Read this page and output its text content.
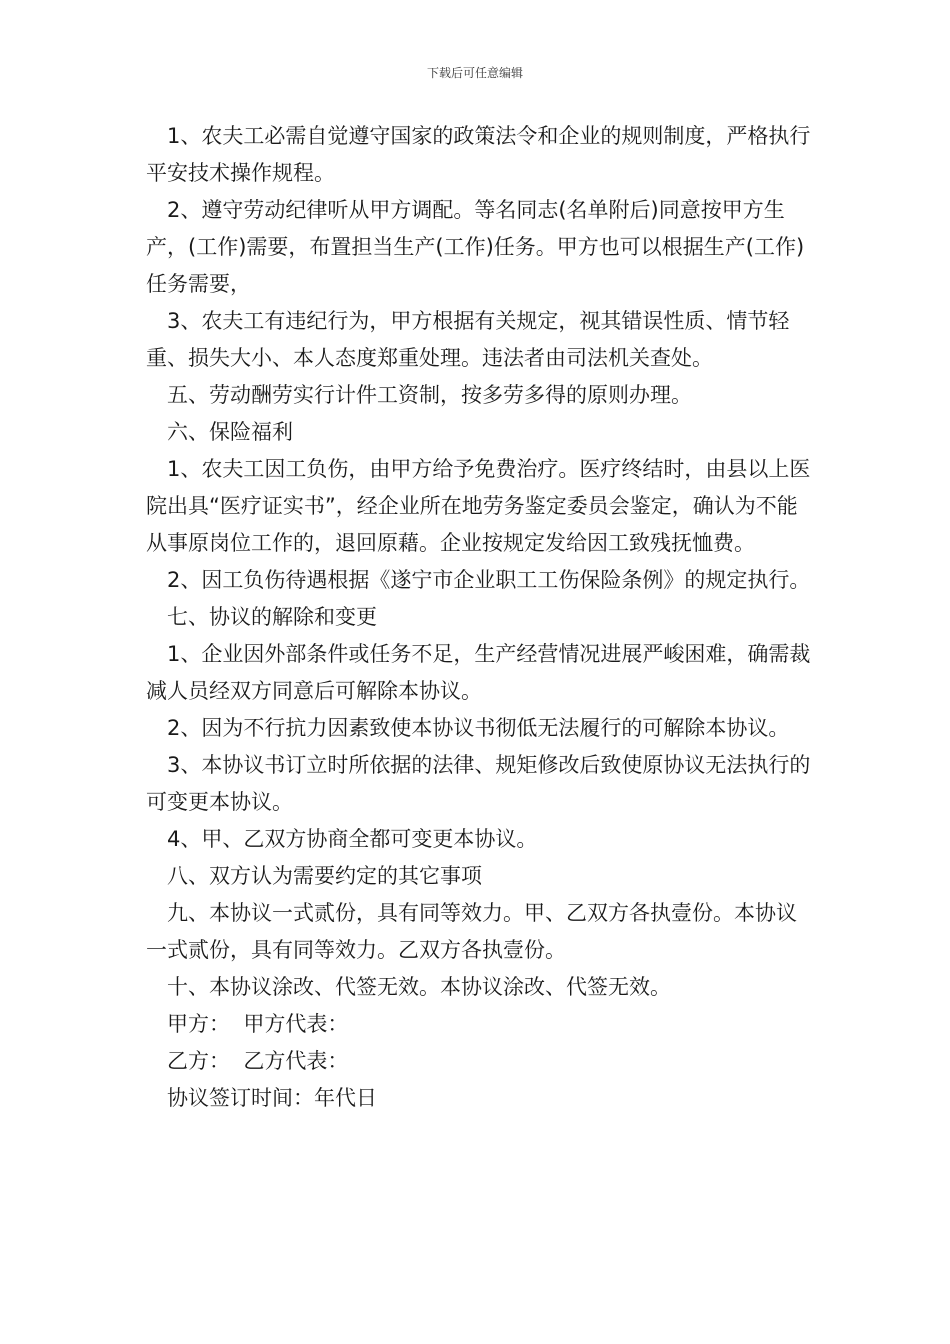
下载后可任意编辑

1、农夫工必需自觉遵守国家的政策法令和企业的规则制度，严格执行平安技术操作规程。

2、遵守劳动纪律听从甲方调配。等名同志(名单附后)同意按甲方生产，(工作)需要，布置担当生产(工作)任务。甲方也可以根据生产(工作)任务需要，

3、农夫工有违纪行为，甲方根据有关规定，视其错误性质、情节轻重、损失大小、本人态度郑重处理。违法者由司法机关查处。

五、劳动酬劳实行计件工资制，按多劳多得的原则办理。

六、保险福利

1、农夫工因工负伤，由甲方给予免费治疗。医疗终结时，由县以上医院出具“医疗证实书”，经企业所在地劳务鉴定委员会鉴定，确认为不能从事原岗位工作的，退回原藉。企业按规定发给因工致残抚恤费。

2、因工负伤待遇根据《遂宁市企业职工工伤保险条例》的规定执行。

七、协议的解除和变更

1、企业因外部条件或任务不足，生产经营情况进展严峻困难，确需裁减人员经双方同意后可解除本协议。

2、因为不行抗力因素致使本协议书彻低无法履行的可解除本协议。

3、本协议书订立时所依据的法律、规矩修改后致使原协议无法执行的可变更本协议。

4、甲、乙双方协商全都可变更本协议。

八、双方认为需要约定的其它事项

九、本协议一式贰份，具有同等效力。甲、乙双方各执壹份。本协议一式贰份，具有同等效力。乙双方各执壹份。

十、本协议涂改、代签无效。本协议涂改、代签无效。

甲方：  甲方代表：

乙方：  乙方代表：

协议签订时间：年代日
